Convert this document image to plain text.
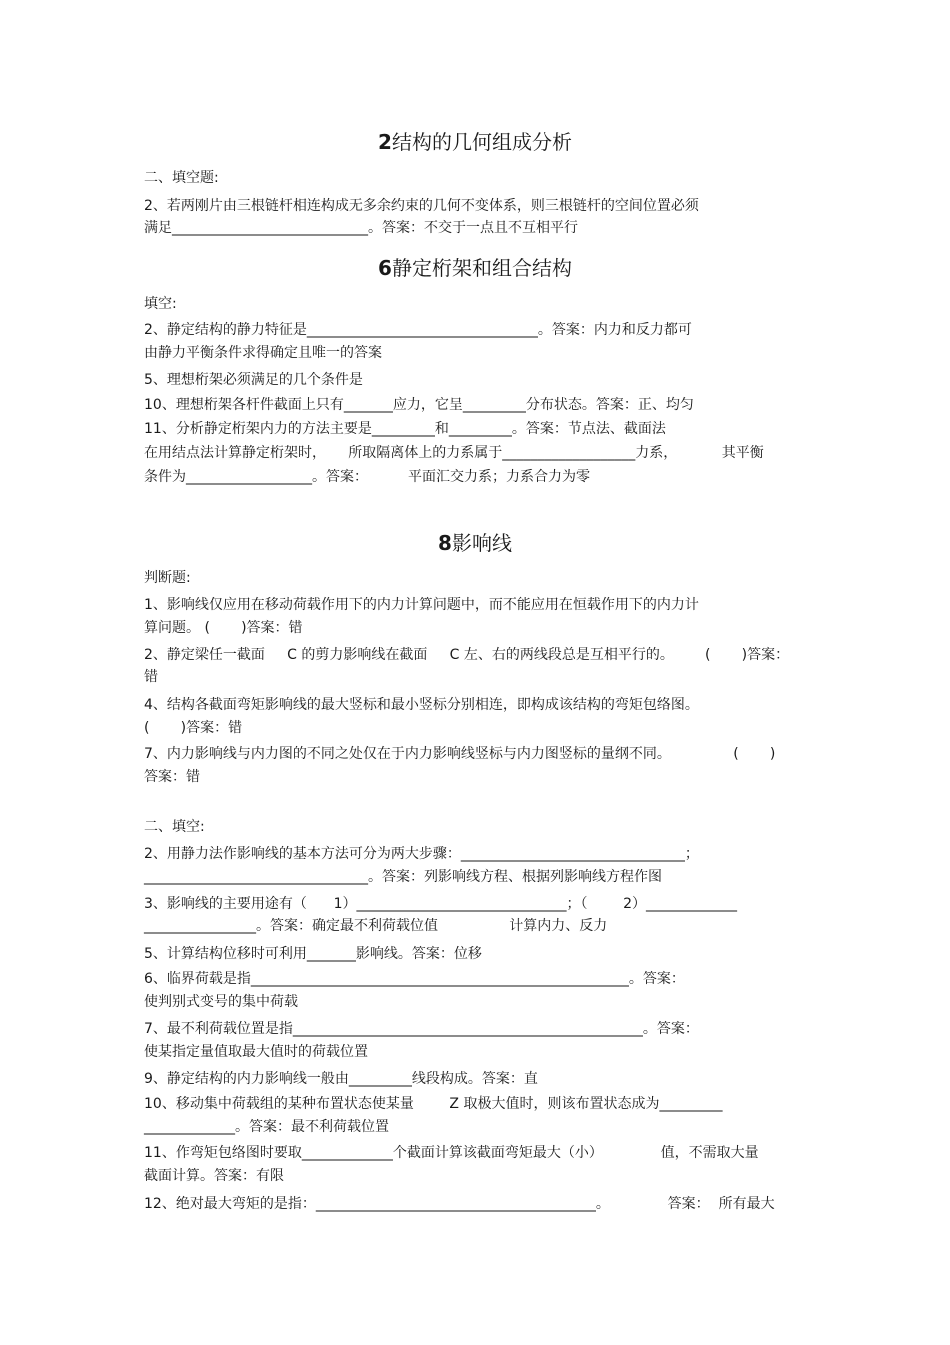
2结构的几何组成分析

二、填空题:

2、若两刚片由三根链杆相连构成无多余约束的几何不变体系，则三根链杆的空间位置必须

满足____________________________。答案：不交于一点且不互相平行

6静定桁架和组合结构

填空:

2、静定结构的静力特征是_________________________________。答案：内力和反力都可

由静力平衡条件求得确定且唯一的答案

5、理想桁架必须满足的几个条件是

10、理想桁架各杆件截面上只有_______应力，它呈_________分布状态。答案：正、均匀

11、分析静定桁架内力的方法主要是_________和_________。答案：节点法、截面法

在用结点法计算静定桁架时，     所取隔离体上的力系属于___________________力系，          其平衡

条件为__________________。答案：         平面汇交力系；力系合力为零

8影响线

判断题:

1、影响线仅应用在移动荷载作用下的内力计算问题中，而不能应用在恒载作用下的内力计

算问题。 (       )答案：错

2、静定梁任一截面     C 的剪力影响线在截面     C 左、右的两线段总是互相平行的。       (       )答案：

错

4、结构各截面弯矩影响线的最大竖标和最小竖标分别相连，即构成该结构的弯矩包络图。

(       )答案：错

7、内力影响线与内力图的不同之处仅在于内力影响线竖标与内力图竖标的量纲不同。              (       )

答案：错

二、填空:

2、用静力法作影响线的基本方法可分为两大步骤：________________________________；

________________________________。答案：列影响线方程、根据列影响线方程作图

3、影响线的主要用途有（      1）______________________________；（        2）_____________

________________。答案：确定最不利荷载位值                计算内力、反力

5、计算结构位移时可利用_______影响线。答案：位移

6、临界荷载是指______________________________________________________。答案：

使判别式变号的集中荷载

7、最不利荷载位置是指__________________________________________________。答案：

使某指定量值取最大值时的荷载位置

9、静定结构的内力影响线一般由_________线段构成。答案：直

10、移动集中荷载组的某种布置状态使某量        Z 取极大值时，则该布置状态成为_________

_____________。答案：最不利荷载位置

11、作弯矩包络图时要取_____________个截面计算该截面弯矩最大（小）             值，不需取大量

截面计算。答案：有限

12、绝对最大弯矩的是指：________________________________________。             答案：  所有最大
